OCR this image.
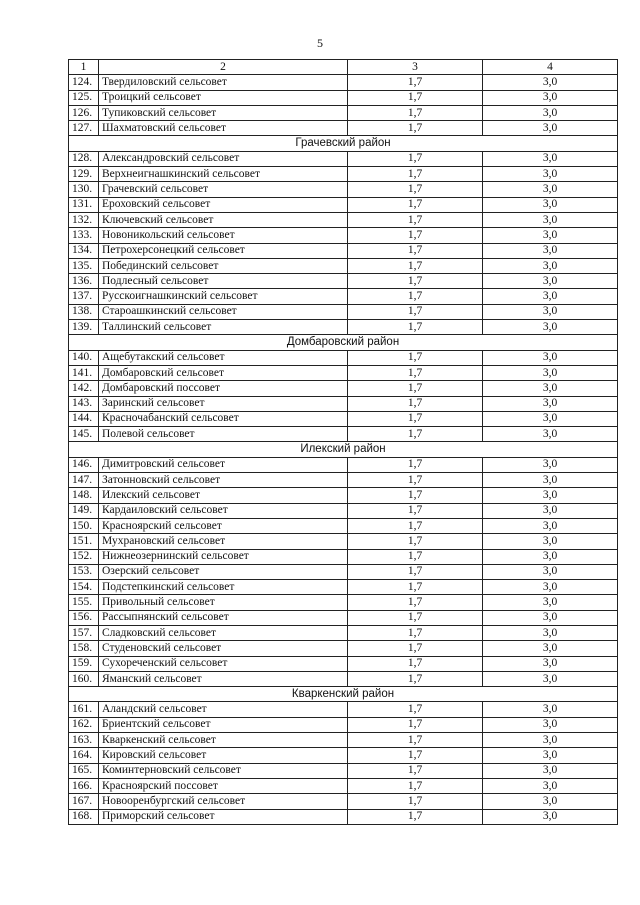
5
1	2	3	4
124.	Твердиловский сельсовет	1,7	3,0
125.	Троицкий сельсовет	1,7	3,0
126.	Тупиковский сельсовет	1,7	3,0
127.	Шахматовский сельсовет	1,7	3,0
Грачевский район			
128.	Александровский сельсовет	1,7	3,0
129.	Верхнеигнашкинский сельсовет	1,7	3,0
130.	Грачевский сельсовет	1,7	3,0
131.	Ероховский сельсовет	1,7	3,0
132.	Ключевский сельсовет	1,7	3,0
133.	Новоникольский сельсовет	1,7	3,0
134.	Петрохерсонецкий сельсовет	1,7	3,0
135.	Побединский сельсовет	1,7	3,0
136.	Подлесный сельсовет	1,7	3,0
137.	Русскоигнашкинский сельсовет	1,7	3,0
138.	Староашкинский сельсовет	1,7	3,0
139.	Таллинский сельсовет	1,7	3,0
Домбаровский район			
140.	Ащебутакский сельсовет	1,7	3,0
141.	Домбаровский сельсовет	1,7	3,0
142.	Домбаровский поссовет	1,7	3,0
143.	Заринский сельсовет	1,7	3,0
144.	Красночабанский сельсовет	1,7	3,0
145.	Полевой сельсовет	1,7	3,0
Илекский район			
146.	Димитровский сельсовет	1,7	3,0
147.	Затонновский сельсовет	1,7	3,0
148.	Илекский сельсовет	1,7	3,0
149.	Кардаиловский сельсовет	1,7	3,0
150.	Красноярский сельсовет	1,7	3,0
151.	Мухрановский сельсовет	1,7	3,0
152.	Нижнеозернинский сельсовет	1,7	3,0
153.	Озерский сельсовет	1,7	3,0
154.	Подстепкинский сельсовет	1,7	3,0
155.	Привольный сельсовет	1,7	3,0
156.	Рассыпнянский сельсовет	1,7	3,0
157.	Сладковский сельсовет	1,7	3,0
158.	Студеновский сельсовет	1,7	3,0
159.	Сухореченский сельсовет	1,7	3,0
160.	Яманский сельсовет	1,7	3,0
Кваркенский район			
161.	Аландский сельсовет	1,7	3,0
162.	Бриентский сельсовет	1,7	3,0
163.	Кваркенский сельсовет	1,7	3,0
164.	Кировский сельсовет	1,7	3,0
165.	Коминтерновский сельсовет	1,7	3,0
166.	Красноярский поссовет	1,7	3,0
167.	Новооренбургский сельсовет	1,7	3,0
168.	Приморский сельсовет	1,7	3,0
